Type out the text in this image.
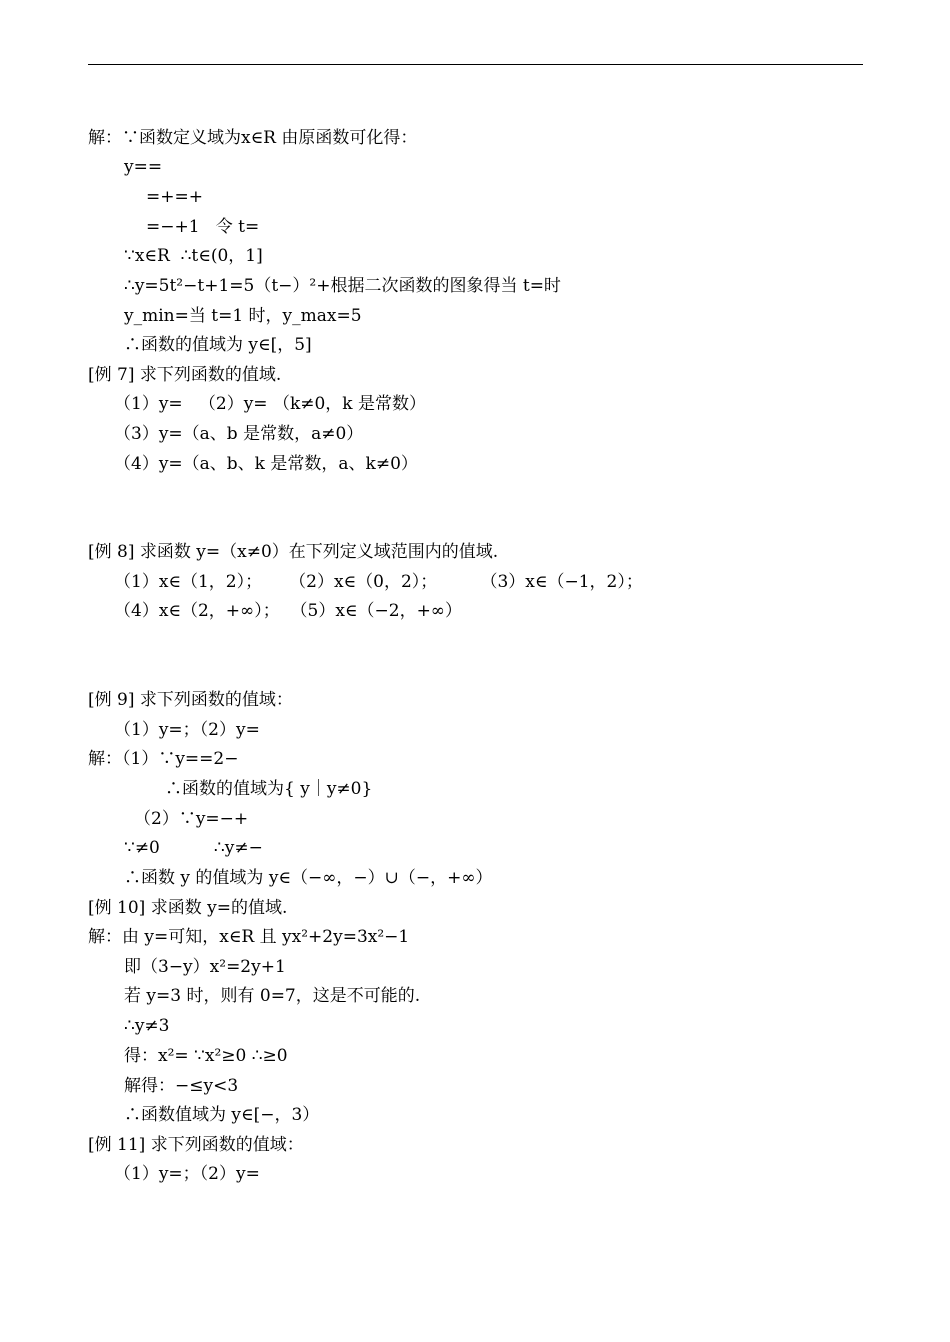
解：∵函数定义域为x∈R 由原函数可化得：
y==
=+=+
=−+1   令 t=
∵x∈R  ∴t∈(0，1]
∴y=5t²−t+1=5（t−）²+根据二次函数的图象得当 t=时
y_min=当 t=1 时，y_max=5
∴函数的值域为 y∈[，5]
[例 7] 求下列函数的值域.
（1）y=   （2）y= （k≠0，k 是常数）
（3）y=（a、b 是常数，a≠0）
（4）y=（a、b、k 是常数，a、k≠0）
[例 8] 求函数 y=（x≠0）在下列定义域范围内的值域.
（1）x∈（1，2）；     （2）x∈（0，2）；        （3）x∈（−1，2）；
（4）x∈（2，+∞）；  （5）x∈（−2，+∞）
[例 9] 求下列函数的值域：
（1）y=；（2）y=
解：（1）∵y==2−
∴函数的值域为{ y｜y≠0}
（2）∵y=−+
∵≠0          ∴y≠−
∴函数 y 的值域为 y∈（−∞，−）∪（−，+∞）
[例 10] 求函数 y=的值域.
解：由 y=可知，x∈R 且 yx²+2y=3x²−1
即（3−y）x²=2y+1
若 y=3 时，则有 0=7，这是不可能的.
∴y≠3
得：x²= ∵x²≥0 ∴≥0
解得：−≤y<3
∴函数值域为 y∈[−，3）
[例 11] 求下列函数的值域：
（1）y=；（2）y=
